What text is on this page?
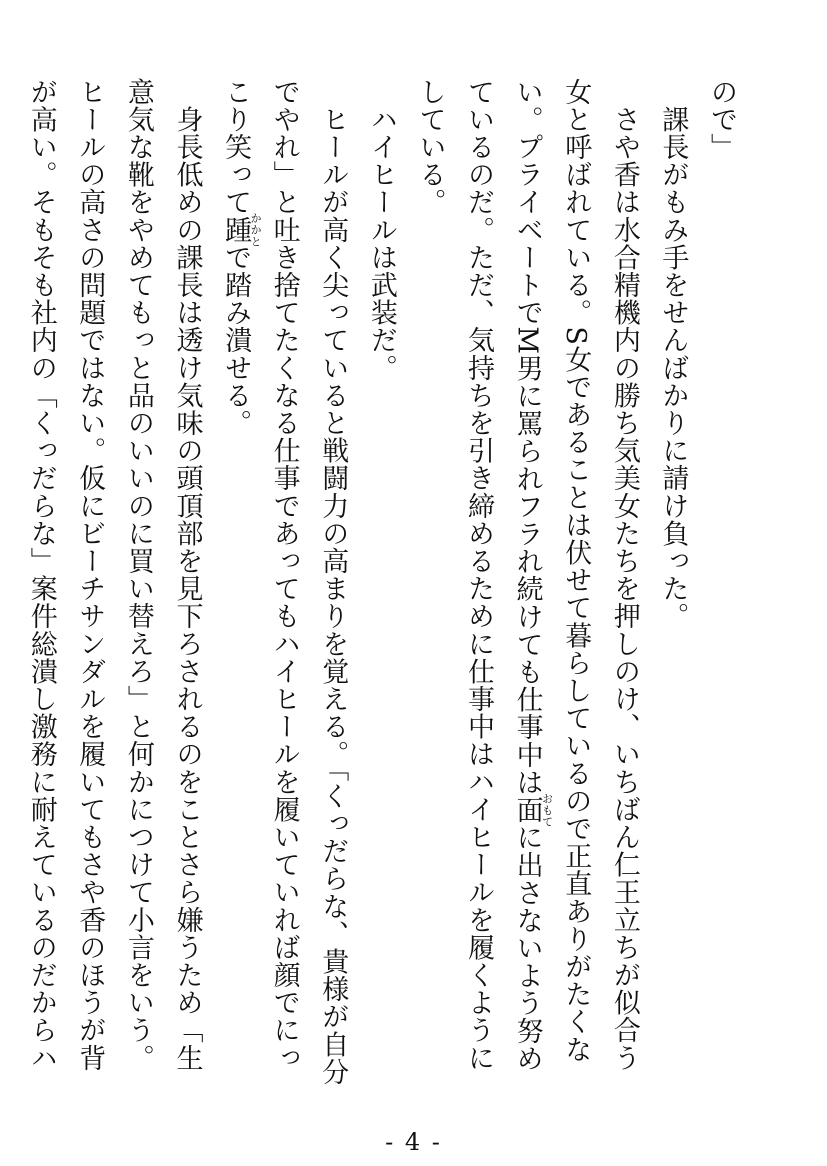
ので」

　課長がもみ手をせんばかりに請け負った。

　さや香は水合精機内の勝ち気美女たちを押しのけ、いちばん仁王立ちが似合う女と呼ばれている。S女であることは伏せて暮らしているので正直ありがたくない。プライベートでM男に罵られフラれ続けても仕事中は面おもてに出さないよう努めているのだ。ただ、気持ちを引き締めるために仕事中はハイヒールを履くようにしている。

　ハイヒールは武装だ。

　ヒールが高く尖っていると戦闘力の高まりを覚える。「くっだらな、貴様が自分でやれ」と吐き捨てたくなる仕事であってもハイヒールを履いていれば顔でにっこり笑って踵かかとで踏み潰せる。

　身長低めの課長は透け気味の頭頂部を見下ろされるのをことさら嫌うため「生意気な靴をやめてもっと品のいいのに買い替えろ」と何かにつけて小言をいう。ヒールの高さの問題ではない。仮にビーチサンダルを履いてもさや香のほうが背が高い。そもそも社内の「くっだらな」案件総潰し激務に耐えているのだからハ

- 4 -
